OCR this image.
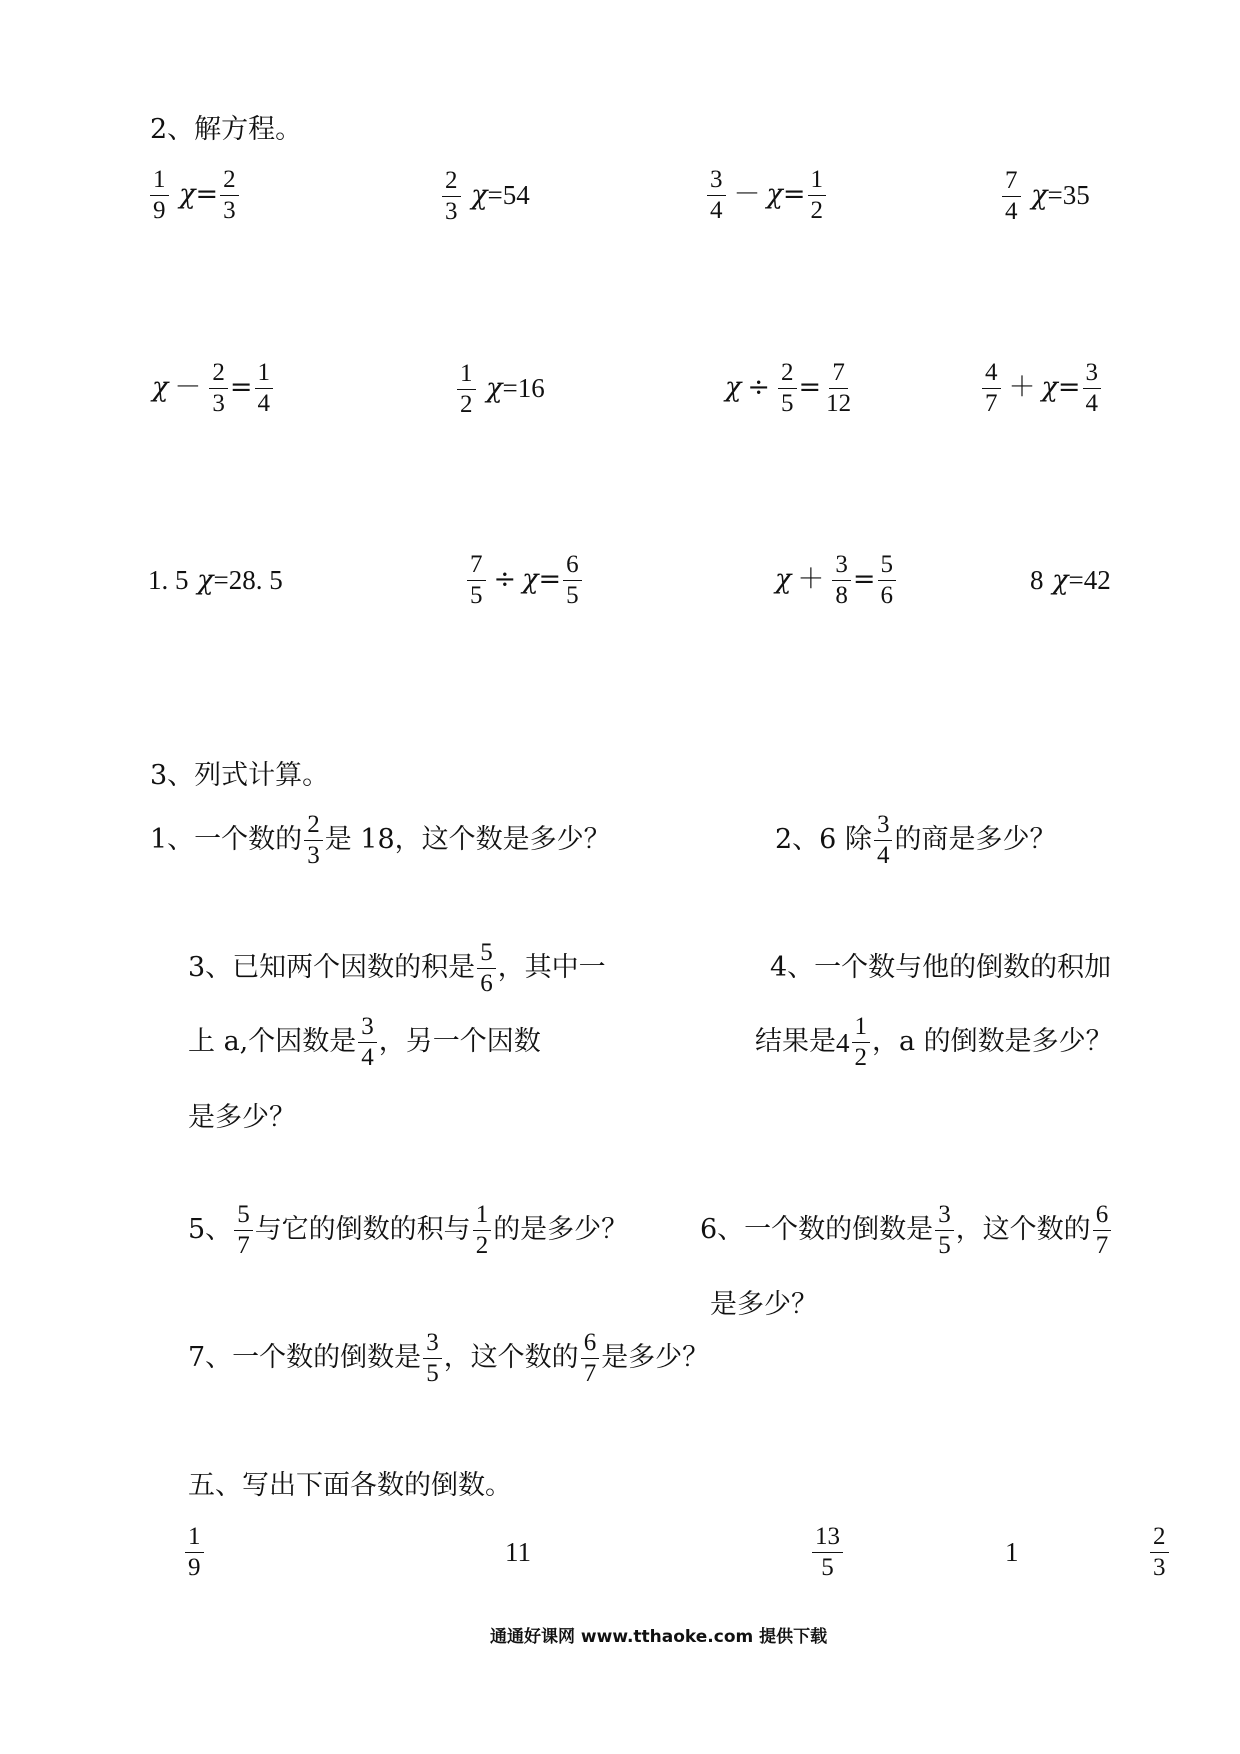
2、解方程。
$\frac{1}{9} \chi= \frac{2}{3}$	$\frac{2}{3} \chi=54$	$\frac{3}{4} - \chi= \frac{1}{2}$	$\frac{7}{4} \chi=35$
$\chi - \frac{2}{3} = \frac{1}{4}$	$\frac{1}{2} \chi=16$	$\chi \div \frac{2}{5} = \frac{7}{12}$	$\frac{4}{7} + \chi= \frac{3}{4}$
1. 5 χ=28. 5	$\frac{7}{5} \div \chi= \frac{6}{5}$	$\chi + \frac{3}{8} = \frac{5}{6}$	8 χ=42
3、列式计算。
1、一个数的 $\frac{2}{3}$ 是 18，这个数是多少？	2、6 除 $\frac{3}{4}$ 的商是多少？
3、已知两个因数的积是 $\frac{5}{6}$ ，其中一
上 a,个因数是 $\frac{3}{4}$ ，另一个因数
是多少？
4、一个数与他的倒数的积加
结果是 $4 \frac{1}{2}$ ，a 的倒数是多少？
5、 $\frac{5}{7}$ 与它的倒数的积与 $\frac{1}{2}$ 的是多少？	6、一个数的倒数是 $\frac{3}{5}$ ，这个数的 $\frac{6}{7}$
是多少？
7、一个数的倒数是 $\frac{3}{5}$ ，这个数的 $\frac{6}{7}$ 是多少？
五、写出下面各数的倒数。
$\frac{1}{9}$	11	$\frac{13}{5}$	1	$\frac{2}{3}$
通通好课网 www.tthaoke.com 提供下载
